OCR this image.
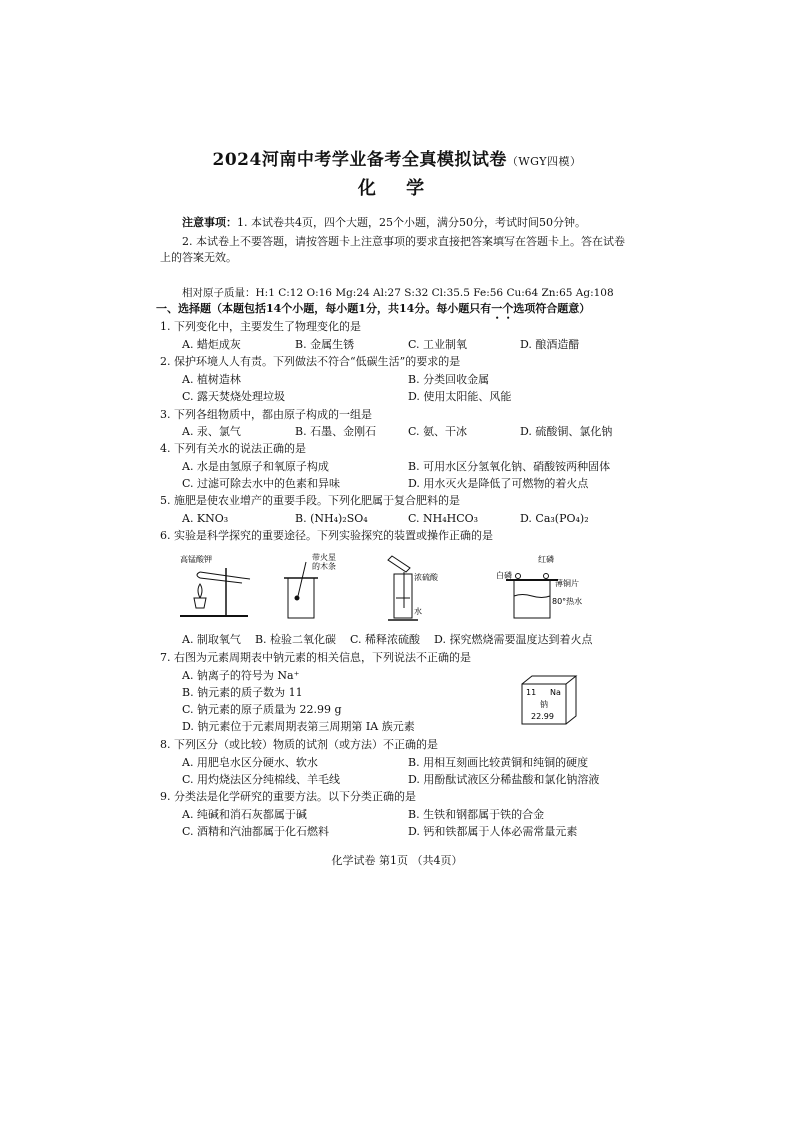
2024河南中考学业备考全真模拟试卷（WGY四模）
化 学
注意事项：1. 本试卷共4页，四个大题，25个小题，满分50分，考试时间50分钟。
2. 本试卷上不要答题，请按答题卡上注意事项的要求直接把答案填写在答题卡上。答在试卷
上的答案无效。
相对原子质量：H:1 C:12 O:16 Mg:24 Al:27 S:32 Cl:35.5 Fe:56 Cu:64 Zn:65 Ag:108
一、选择题（本题包括14个小题，每小题1分，共14分。每小题只有一个选项符合题意）
1. 下列变化中，主要发生了物理变化的是
A. 蜡炬成灰	B. 金属生锈	C. 工业制氧	D. 酿酒造醋
2. 保护环境人人有责。下列做法不符合“低碳生活”的要求的是
A. 植树造林	B. 分类回收金属
C. 露天焚烧处理垃圾	D. 使用太阳能、风能
3. 下列各组物质中，都由原子构成的一组是
A. 汞、氯气	B. 石墨、金刚石	C. 氨、干冰	D. 硫酸铜、氯化钠
4. 下列有关水的说法正确的是
A. 水是由氢原子和氧原子构成	B. 可用水区分氢氧化钠、硝酸铵两种固体
C. 过滤可除去水中的色素和异味	D. 用水灭火是降低了可燃物的着火点
5. 施肥是使农业增产的重要手段。下列化肥属于复合肥料的是
A. KNO₃	B. (NH₄)₂SO₄	C. NH₄HCO₃	D. Ca₃(PO₄)₂
6. 实验是科学探究的重要途径。下列实验探究的装置或操作正确的是
高锰酸钾	带火星
的木条
浓硫酸
水
白磷
红磷
薄铜片
80°热水
A. 制取氧气 B. 检验二氧化碳 C. 稀释浓硫酸 D. 探究燃烧需要温度达到着火点
7. 右图为元素周期表中钠元素的相关信息，下列说法不正确的是
A. 钠离子的符号为 Na⁺
B. 钠元素的质子数为 11
C. 钠元素的原子质量为 22.99 g
D. 钠元素位于元素周期表第三周期第 IA 族元素
11 Na
钠
22.99
8. 下列区分（或比较）物质的试剂（或方法）不正确的是
A. 用肥皂水区分硬水、软水	B. 用相互刻画比较黄铜和纯铜的硬度
C. 用灼烧法区分纯棉线、羊毛线	D. 用酚酞试液区分稀盐酸和氯化钠溶液
9. 分类法是化学研究的重要方法。以下分类正确的是
A. 纯碱和消石灰都属于碱	B. 生铁和钢都属于铁的合金
C. 酒精和汽油都属于化石燃料	D. 钙和铁都属于人体必需常量元素
化学试卷 第1页 （共4页）
